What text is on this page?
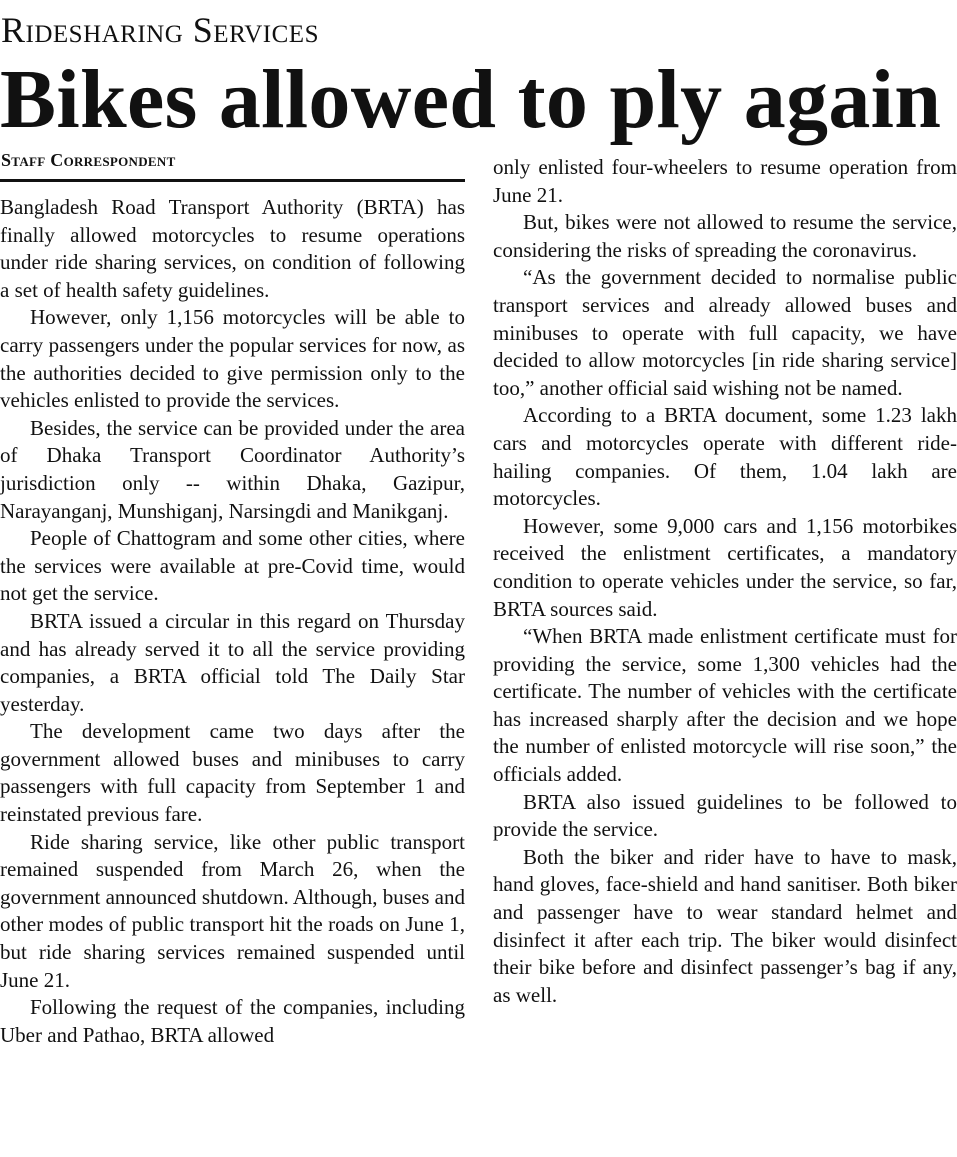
Ridesharing Services
Bikes allowed to ply again
Staff Correspondent

Bangladesh Road Transport Authority (BRTA) has finally allowed motorcycles to resume operations under ride sharing services, on condition of following a set of health safety guidelines.

However, only 1,156 motorcycles will be able to carry passengers under the popular services for now, as the authorities decided to give permission only to the vehicles enlisted to provide the services.

Besides, the service can be provided under the area of Dhaka Transport Coordinator Authority’s jurisdiction only -- within Dhaka, Gazipur, Narayanganj, Munshiganj, Narsingdi and Manikganj.

People of Chattogram and some other cities, where the services were available at pre-Covid time, would not get the service.

BRTA issued a circular in this regard on Thursday and has already served it to all the service providing companies, a BRTA official told The Daily Star yesterday.

The development came two days after the government allowed buses and minibuses to carry passengers with full capacity from September 1 and reinstated previous fare.

Ride sharing service, like other public transport remained suspended from March 26, when the government announced shutdown. Although, buses and other modes of public transport hit the roads on June 1, but ride sharing services remained suspended until June 21.

Following the request of the companies, including Uber and Pathao, BRTA allowed

only enlisted four-wheelers to resume operation from June 21.

But, bikes were not allowed to resume the service, considering the risks of spreading the coronavirus.

“As the government decided to normalise public transport services and already allowed buses and minibuses to operate with full capacity, we have decided to allow motorcycles [in ride sharing service] too,” another official said wishing not be named.

According to a BRTA document, some 1.23 lakh cars and motorcycles operate with different ride-hailing companies. Of them, 1.04 lakh are motorcycles.

However, some 9,000 cars and 1,156 motorbikes received the enlistment certificates, a mandatory condition to operate vehicles under the service, so far, BRTA sources said.

“When BRTA made enlistment certificate must for providing the service, some 1,300 vehicles had the certificate. The number of vehicles with the certificate has increased sharply after the decision and we hope the number of enlisted motorcycle will rise soon,” the officials added.

BRTA also issued guidelines to be followed to provide the service.

Both the biker and rider have to have to mask, hand gloves, face-shield and hand sanitiser. Both biker and passenger have to wear standard helmet and disinfect it after each trip. The biker would disinfect their bike before and disinfect passenger’s bag if any, as well.
